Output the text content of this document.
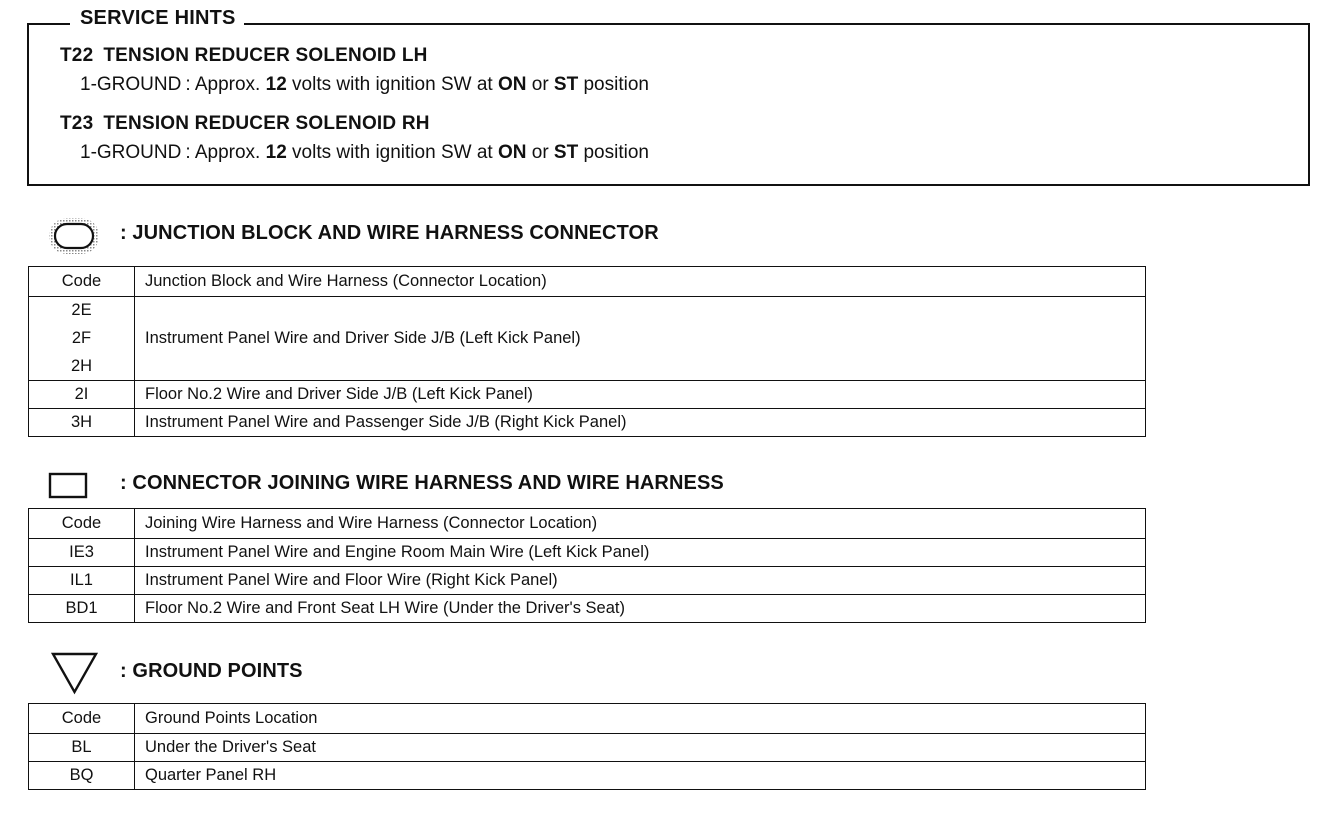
SERVICE HINTS
T22 TENSION REDUCER SOLENOID LH
1-GROUND : Approx. 12 volts with ignition SW at ON or ST position
T23 TENSION REDUCER SOLENOID RH
1-GROUND : Approx. 12 volts with ignition SW at ON or ST position
: JUNCTION BLOCK AND WIRE HARNESS CONNECTOR
Code	Junction Block and Wire Harness (Connector Location)
2E	Instrument Panel Wire and Driver Side J/B (Left Kick Panel)
2F	
2H	
2I	Floor No.2 Wire and Driver Side J/B (Left Kick Panel)
3H	Instrument Panel Wire and Passenger Side J/B (Right Kick Panel)
: CONNECTOR JOINING WIRE HARNESS AND WIRE HARNESS
Code	Joining Wire Harness and Wire Harness (Connector Location)
IE3	Instrument Panel Wire and Engine Room Main Wire (Left Kick Panel)
IL1	Instrument Panel Wire and Floor Wire (Right Kick Panel)
BD1	Floor No.2 Wire and Front Seat LH Wire (Under the Driver's Seat)
: GROUND POINTS
Code	Ground Points Location
BL	Under the Driver's Seat
BQ	Quarter Panel RH
